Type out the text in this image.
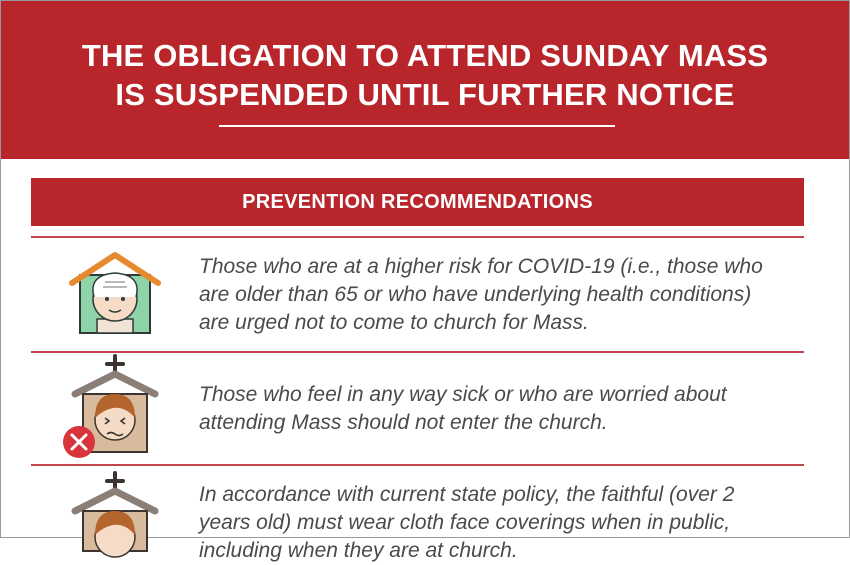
THE OBLIGATION TO ATTEND SUNDAY MASS
IS SUSPENDED UNTIL FURTHER NOTICE
PREVENTION RECOMMENDATIONS
Those who are at a higher risk for COVID-19 (i.e., those who
are older than 65 or who have underlying health conditions)
are urged not to come to church for Mass.
Those who feel in any way sick or who are worried about
attending Mass should not enter the church.
In accordance with current state policy, the faithful (over 2
years old) must wear cloth face coverings when in public,
including when they are at church.
